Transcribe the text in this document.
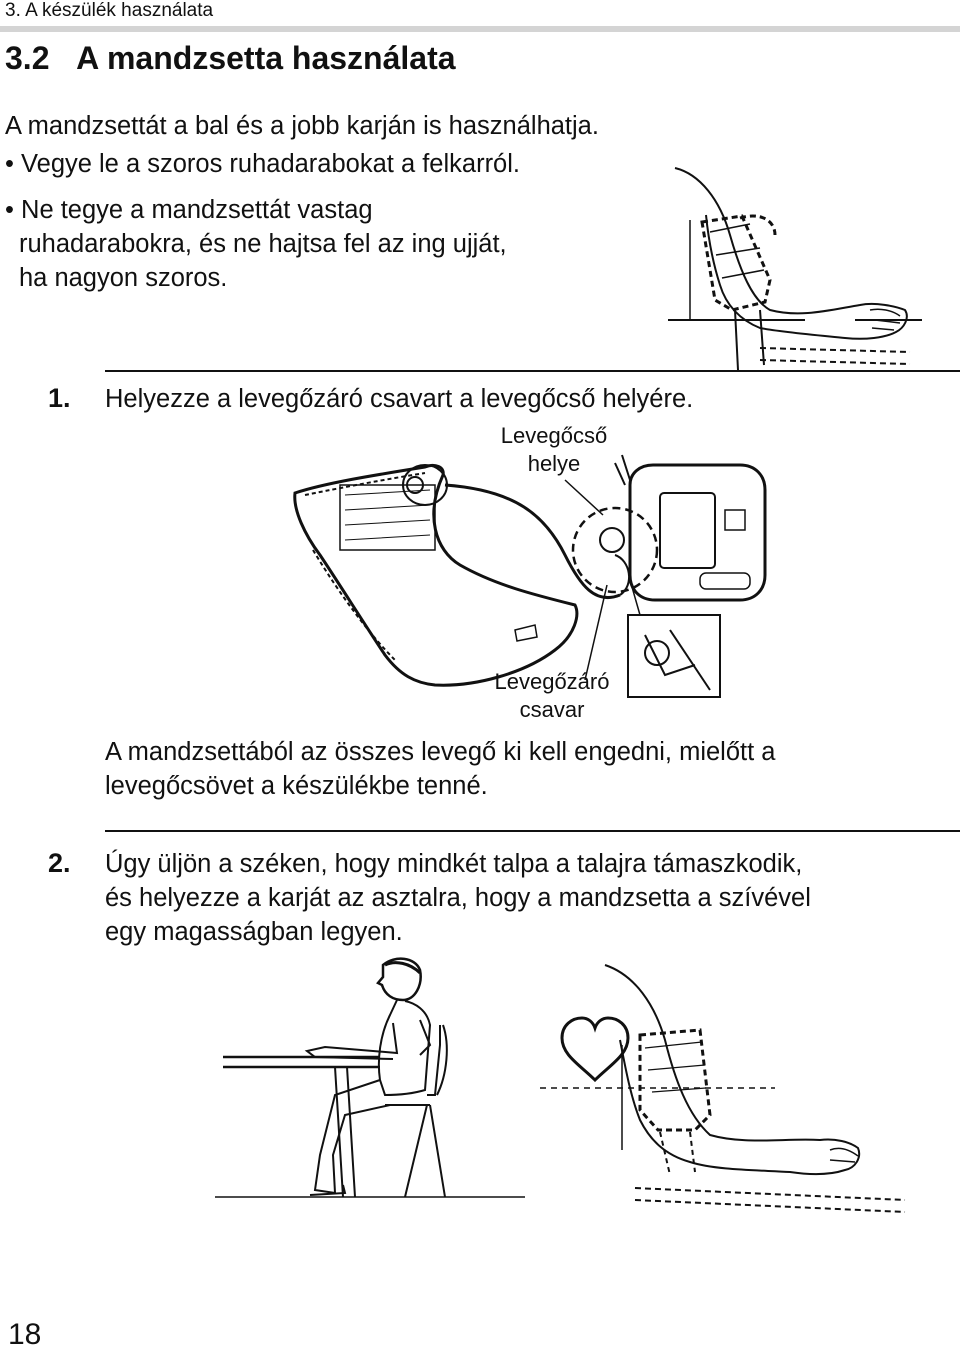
3. A készülék használata
3.2 A mandzsetta használata
A mandzsettát a bal és a jobb karján is használhatja.
• Vegye le a szoros ruhadarabokat a felkarról.
• Ne tegye a mandzsettát vastag
ruhadarabokra, és ne hajtsa fel az ing ujját,
ha nagyon szoros.
1. Helyezze a levegőzáró csavart a levegőcső helyére.
Levegőcső
helye
Levegőzáró
csavar
A mandzsettából az összes levegő ki kell engedni, mielőtt a
levegőcsövet a készülékbe tenné.
2. Úgy üljön a széken, hogy mindkét talpa a talajra támaszkodik,
és helyezze a karját az asztalra, hogy a mandzsetta a szívével
egy magasságban legyen.
18
